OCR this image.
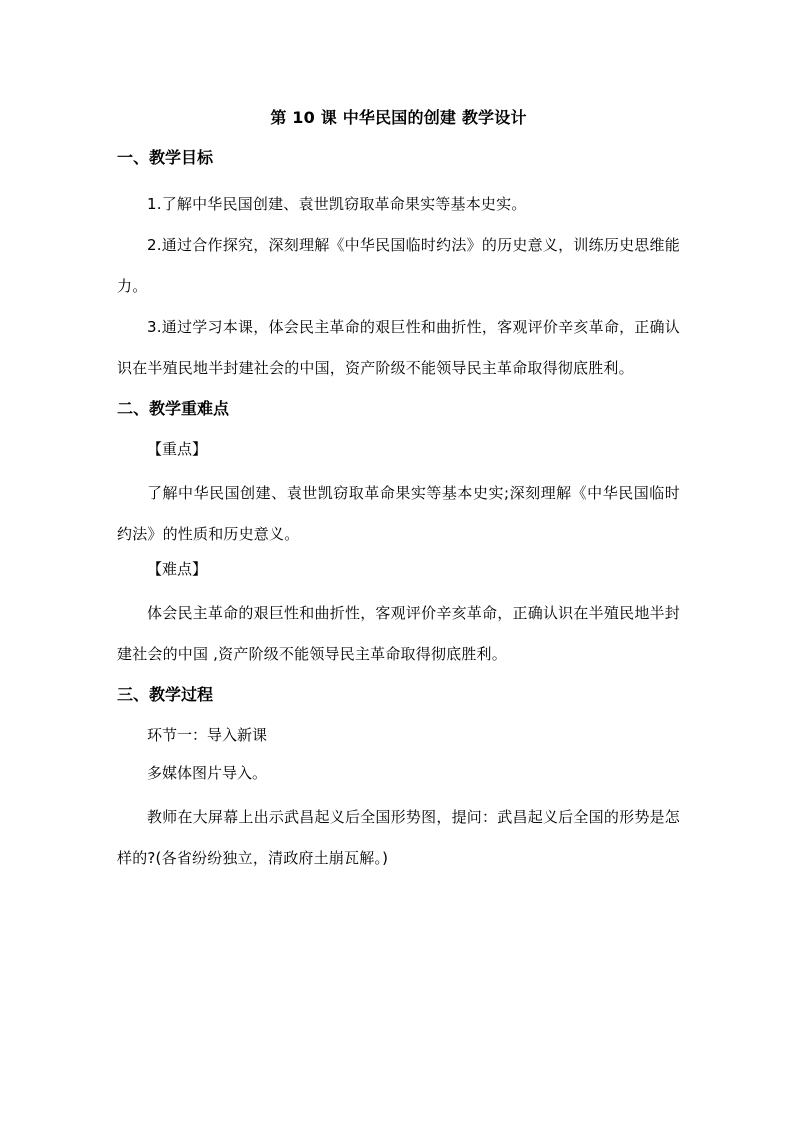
第 10 课 中华民国的创建 教学设计
一、教学目标

1.了解中华民国创建、袁世凯窃取革命果实等基本史实。

2.通过合作探究，深刻理解《中华民国临时约法》的历史意义，训练历史思维能力。

3.通过学习本课，体会民主革命的艰巨性和曲折性，客观评价辛亥革命，正确认识在半殖民地半封建社会的中国，资产阶级不能领导民主革命取得彻底胜利。

二、教学重难点
【重点】

了解中华民国创建、袁世凯窃取革命果实等基本史实;深刻理解《中华民国临时约法》的性质和历史意义。

【难点】

体会民主革命的艰巨性和曲折性，客观评价辛亥革命，正确认识在半殖民地半封建社会的中国 ,资产阶级不能领导民主革命取得彻底胜利。

三、教学过程
环节一：导入新课
多媒体图片导入。

教师在大屏幕上出示武昌起义后全国形势图，提问：武昌起义后全国的形势是怎样的?(各省纷纷独立，清政府土崩瓦解。)
